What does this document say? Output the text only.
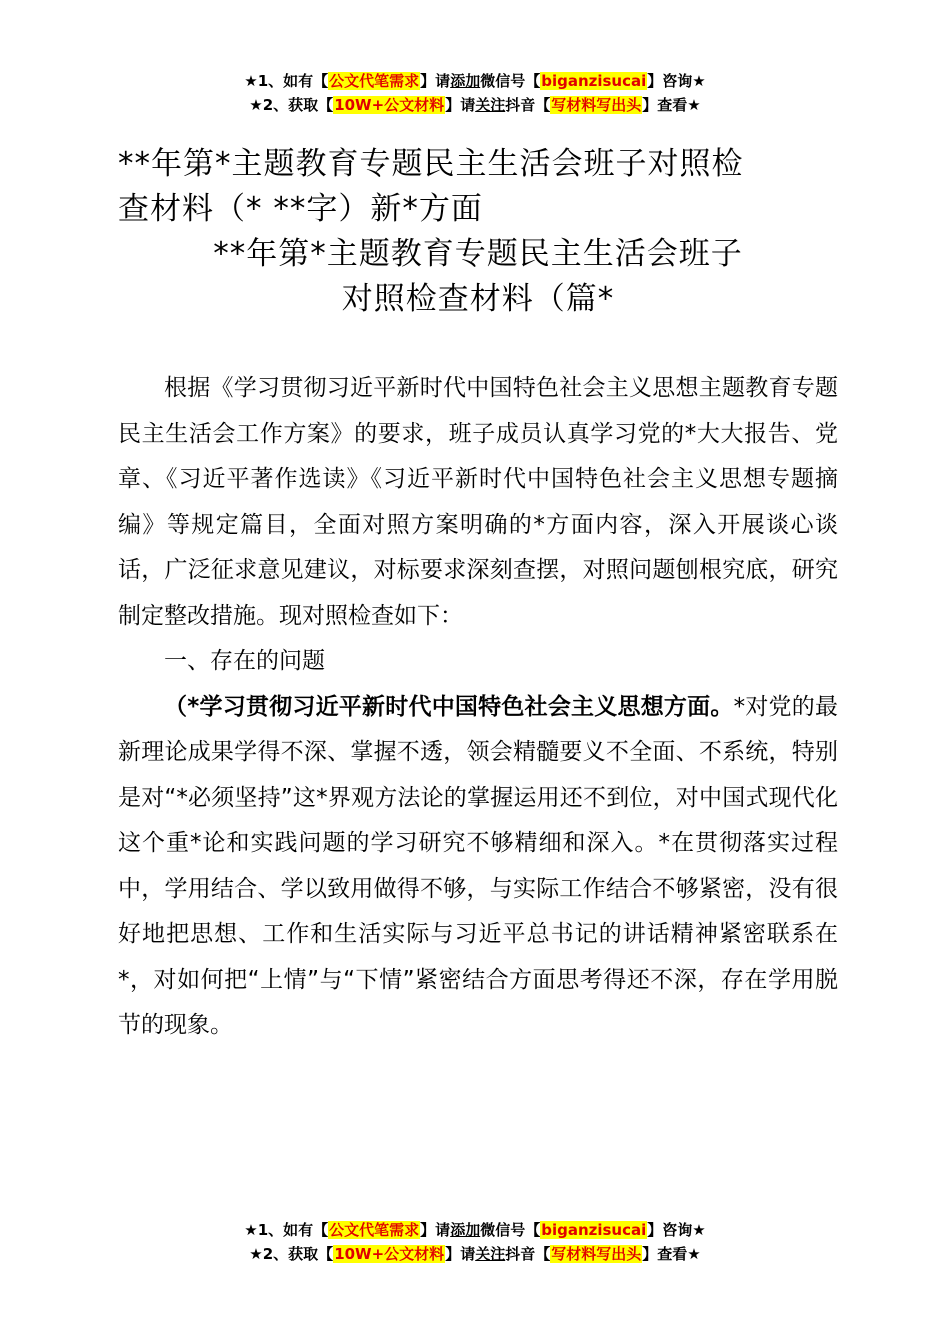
★1、如有【公文代笔需求】请添加微信号【biganzisucai】咨询★
★2、获取【10W+公文材料】请关注抖音【写材料写出头】查看★
**年第*主题教育专题民主生活会班子对照检
查材料（* **字）新*方面
**年第*主题教育专题民主生活会班子
对照检查材料（篇*

根据《学习贯彻习近平新时代中国特色社会主义思想主题教育专题民主生活会工作方案》的要求，班子成员认真学习党的*大大报告、党章、《习近平著作选读》《习近平新时代中国特色社会主义思想专题摘编》等规定篇目，全面对照方案明确的*方面内容，深入开展谈心谈话，广泛征求意见建议，对标要求深刻查摆，对照问题刨根究底，研究制定整改措施。现对照检查如下：

一、存在的问题

（*学习贯彻习近平新时代中国特色社会主义思想方面。*对党的最新理论成果学得不深、掌握不透，领会精髓要义不全面、不系统，特别是对“*必须坚持”这*界观方法论的掌握运用还不到位，对中国式现代化这个重*论和实践问题的学习研究不够精细和深入。*在贯彻落实过程中，学用结合、学以致用做得不够，与实际工作结合不够紧密，没有很好地把思想、工作和生活实际与习近平总书记的讲话精神紧密联系在*，对如何把“上情”与“下情”紧密结合方面思考得还不深，存在学用脱节的现象。

★1、如有【公文代笔需求】请添加微信号【biganzisucai】咨询★
★2、获取【10W+公文材料】请关注抖音【写材料写出头】查看★
